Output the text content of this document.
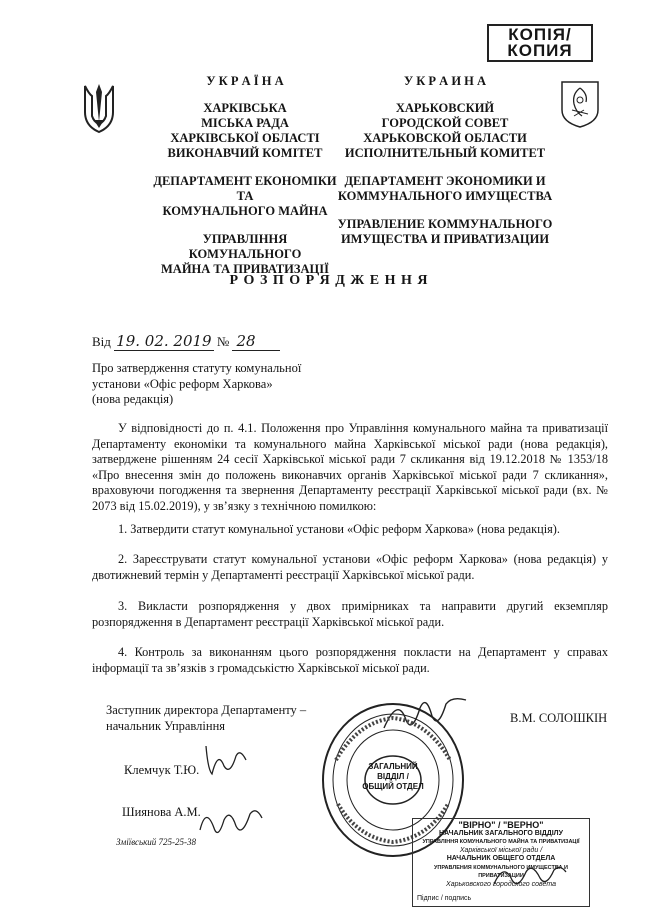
КОПІЯ/
КОПИЯ
У К Р А Ї Н А
ХАРКІВСЬКА
МІСЬКА РАДА
ХАРКІВСЬКОЇ ОБЛАСТІ
ВИКОНАВЧИЙ КОМІТЕТ
ДЕПАРТАМЕНТ ЕКОНОМІКИ ТА
КОМУНАЛЬНОГО МАЙНА
УПРАВЛІННЯ КОМУНАЛЬНОГО
МАЙНА ТА ПРИВАТИЗАЦІЇ
У К Р А И Н А
ХАРЬКОВСКИЙ
ГОРОДСКОЙ СОВЕТ
ХАРЬКОВСКОЙ ОБЛАСТИ
ИСПОЛНИТЕЛЬНЫЙ КОМИТЕТ
ДЕПАРТАМЕНТ ЭКОНОМИКИ И
КОММУНАЛЬНОГО ИМУЩЕСТВА
УПРАВЛЕНИЕ КОММУНАЛЬНОГО
ИМУЩЕСТВА И ПРИВАТИЗАЦИИ
Р О З П О Р Я Д Ж Е Н Н Я
Від 19. 02. 2019 № 28
Про затвердження статуту комунальної
установи «Офіс реформ Харкова»
(нова редакція)
У відповідності до п. 4.1. Положення про Управління комунального майна та приватизації Департаменту економіки та комунального майна Харківської міської ради (нова редакція), затверджене рішенням 24 сесії Харківської міської ради 7 скликання від 19.12.2018 № 1353/18 «Про внесення змін до положень виконавчих органів Харківської міської ради 7 скликання», враховуючи погодження та звернення Департаменту реєстрації Харківської міської ради (вх. № 2073 від 15.02.2019), у зв’язку з технічною помилкою:
1. Затвердити статут комунальної установи «Офіс реформ Харкова» (нова редакція).
2. Зареєструвати статут комунальної установи «Офіс реформ Харкова» (нова редакція) у двотижневий термін у Департаменті реєстрації Харківської міської ради.
3. Викласти розпорядження у двох примірниках та направити другий екземпляр розпорядження в Департамент реєстрації Харківської міської ради.
4. Контроль за виконанням цього розпорядження покласти на Департамент у справах інформації та зв’язків з громадськістю Харківської міської ради.
Заступник директора Департаменту –
начальник Управління
В.М. СОЛОШКІН
Клемчук Т.Ю.
Шиянова А.М.
Зміївський 725-25-38
ЗАГАЛЬНИЙ
ВІДДІЛ /
ОБЩИЙ ОТДЕЛ
"ВІРНО" / "ВЕРНО"
НАЧАЛЬНИК ЗАГАЛЬНОГО ВІДДІЛУ
УПРАВЛІННЯ КОМУНАЛЬНОГО МАЙНА ТА ПРИВАТИЗАЦІЇ
Харківської міської ради /
НАЧАЛЬНИК ОБЩЕГО ОТДЕЛА
УПРАВЛЕНИЯ КОММУНАЛЬНОГО ИМУЩЕСТВА И ПРИВАТИЗАЦИИ
Харьковского городского совета
Підпис / подпись
